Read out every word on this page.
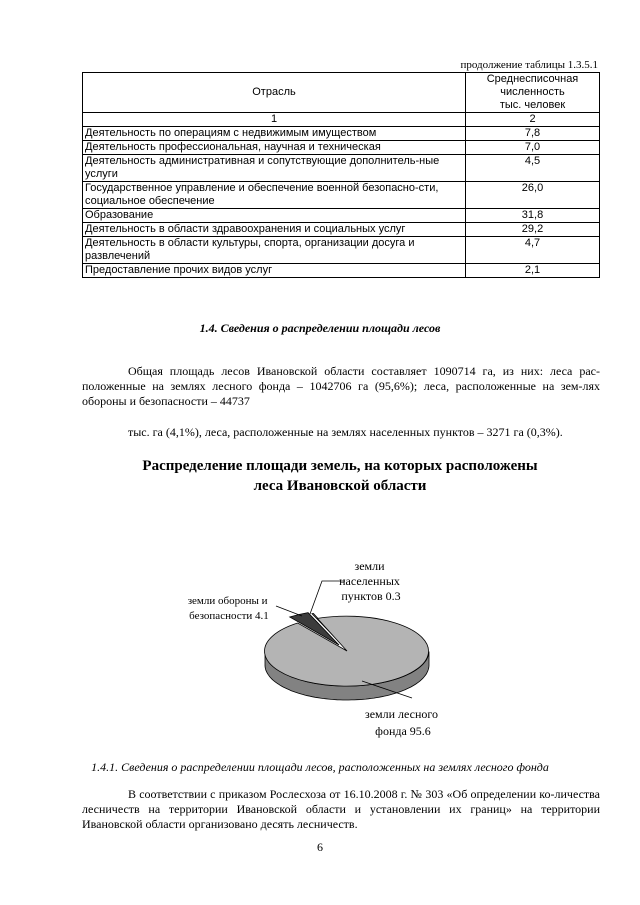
продолжение таблицы 1.3.5.1
Отрасль	Среднесписочная
численность
тыс. человек

1	2
Деятельность по операциям с недвижимым имуществом	7,8
Деятельность профессиональная, научная и техническая	7,0
Деятельность административная и сопутствующие дополнитель-ные услуги	4,5
Государственное управление и обеспечение военной безопасно-сти, социальное обеспечение	26,0
Образование	31,8
Деятельность в области здравоохранения и социальных услуг	29,2
Деятельность в области культуры, спорта, организации досуга и развлечений	4,7
Предоставление прочих видов услуг	2,1
1.4. Сведения о распределении площади лесов
Общая площадь лесов Ивановской области составляет 1090714 га, из них: леса рас-положенные на землях лесного фонда – 1042706 га (95,6%); леса, расположенные на зем-лях обороны и безопасности – 44737
тыс. га (4,1%), леса, расположенные на землях населенных пунктов – 3271 га (0,3%).
Распределение площади земель, на которых расположены
леса Ивановской области
земли обороны и безопасности 4.1
земли населенных пунктов 0.3
земли лесного фонда 95.6
1.4.1. Сведения о распределении площади лесов, расположенных на землях лесного фонда
В соответствии с приказом Рослесхоза от 16.10.2008 г. № 303 «Об определении ко-личества лесничеств на территории Ивановской области и установлении их границ» на территории Ивановской области организовано десять лесничеств.
6
